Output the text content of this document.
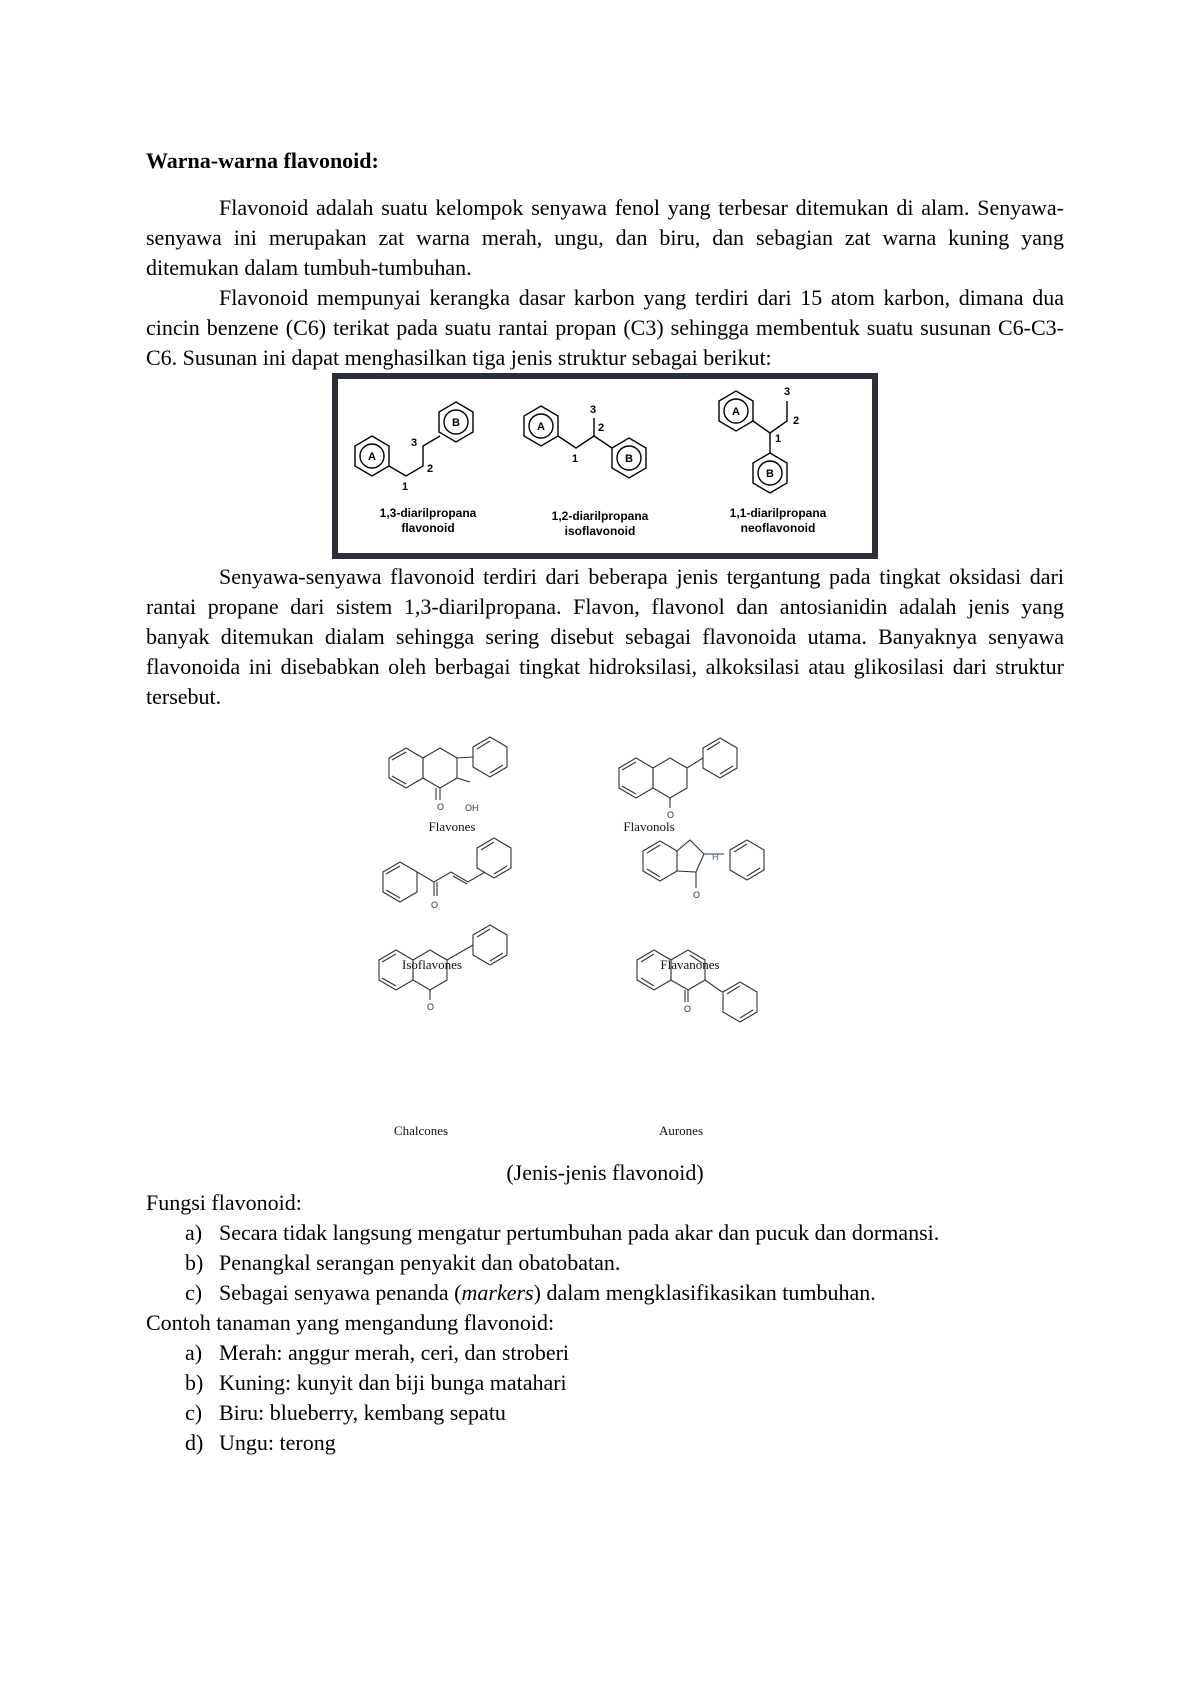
Warna-warna flavonoid:

Flavonoid adalah suatu kelompok senyawa fenol yang terbesar ditemukan di alam. Senyawa-senyawa ini merupakan zat warna merah, ungu, dan biru, dan sebagian zat warna kuning yang ditemukan dalam tumbuh-tumbuhan.

Flavonoid mempunyai kerangka dasar karbon yang terdiri dari 15 atom karbon, dimana dua cincin benzene (C6) terikat pada suatu rantai propan (C3) sehingga membentuk suatu susunan C6-C3-C6. Susunan ini dapat menghasilkan tiga jenis struktur sebagai berikut:

A
B
1
2
3
A
B
1
2
3	A
B
1
2
3
1,3-diarilpropana
flavonoid
1,2-diarilpropana
isoflavonoid
1,1-diarilpropana
neoflavonoid

Senyawa-senyawa flavonoid terdiri dari beberapa jenis tergantung pada tingkat oksidasi dari rantai propane dari sistem 1,3-diarilpropana. Flavon, flavonol dan antosianidin adalah jenis yang banyak ditemukan dialam sehingga sering disebut sebagai flavonoida utama. Banyaknya senyawa flavonoida ini disebabkan oleh berbagai tingkat hidroksilasi, alkoksilasi atau glikosilasi dari struktur tersebut.

OH
O
O
O
O
H
O	O
Flavones	Flavonols
Isoflavones	Flavanones
Chalcones	Aurones
(Jenis-jenis flavonoid)
Fungsi flavonoid:
a) Secara tidak langsung mengatur pertumbuhan pada akar dan pucuk dan dormansi.
b) Penangkal serangan penyakit dan obatobatan.
c) Sebagai senyawa penanda (markers) dalam mengklasifikasikan tumbuhan.
Contoh tanaman yang mengandung flavonoid:
a) Merah: anggur merah, ceri, dan stroberi
b) Kuning: kunyit dan biji bunga matahari
c) Biru: blueberry, kembang sepatu
d) Ungu: terong
